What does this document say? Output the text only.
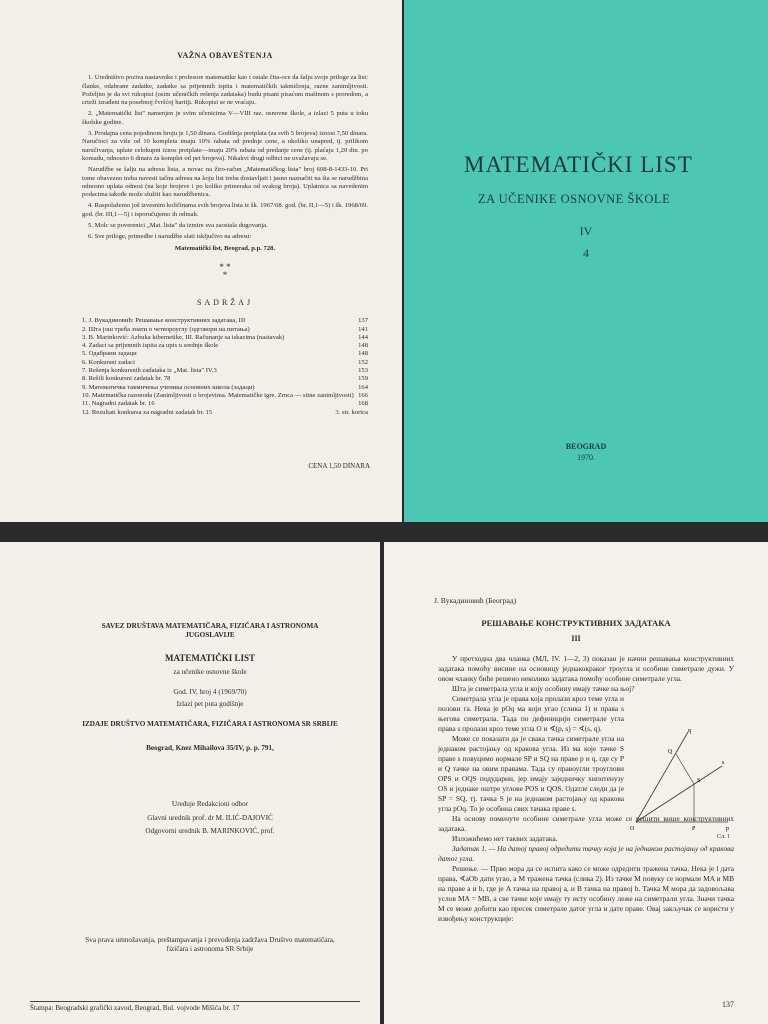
VAŽNA OBAVEŠTENJA

1. Uredništvo poziva nastavnike i profesore matematike kao i ostale čita-oce da šalju svoje priloge za list: članke, odabrane zadatke, zadatke sa prijemnih ispita i matematičkih takmičenja, razne zanimljivosti. Poželjno je da svi rukopisi (osim učeničkih rešenja zadataka) budu pisani pisaćom mašinom s proredom, a crteži izrađeni na posebnoj čvršćoj hartiji. Rukopisi se ne vraćaju.

2. „Matematički list" namenjen je svim učenicima V—VIII raz. osnovne škole, a izlazi 5 puta u toku školske godine.

3. Prodajna cena pojedinom broju je 1,50 dinara. Godišnja pretplata (za svih 5 brojeva) iznosi 7,50 dinara. Naručioci za više od 10 kompleta imaju 10% rabata od prednje cene, a ukoliko unapred, tj. prilikom naručivanja, uplate celokupni iznos pretplate—imaju 20% rabata od predanje cene (tj. plaćaju 1,20 din. po komadu, odnosno 6 dinara za komplet od pet brojeva). Nikakvi drugi odbici ne uvažavaju se.

Narudžbe se šalju na adresu lista, a novac na žiro-račun „Matematičkog lista" broj 608-8-1433-10. Pri tome obavezno treba navesti tačnu adresu na koju list treba dostavljati i jasno naznačiti na šta se narudžbina odnosno uplata odnosi (na koje brojeve i po koliko primeraka od svakog broja). Uplatnica sa navedenim podacima takođe može služiti kao narudžbenica.

4. Raspolažemo još izvesnim količinama svih brojeva lista iz šk. 1967/68. god. (br. II,1—5) i šk. 1968/69. god. (br. III,1—5) i isporučujemo ih odmah.

5. Molc se poverenici „Mat. lista" da izmire sva zaostala dugovanja.

6. Sve priloge, primedbe i narudžbe slati isključivo na adresu:

Matematički list, Beograd, p.p. 728.
* *
*
SADRŽAJ
1. J. Вукадиновић: Решавање конструктивних задатака, III	137
2. Шта још треба знати о четвороуглу (одговори на питања)	141
3. B. Marinković: Azbuka kibernetike, III. Računanje sa iskazima (nastavak)	144
4. Zadaci sa prijemnih ispita za upis u srednje škole	148
5. Одабрани задаци	148
6. Konkursni zadaci	152
7. Rešenja konkursnih zadataka iz „Mat. lista" IV.3	153
8. Rešili konkursni zadatak br. 78	159
9. Математичка такмичења ученика основних школа (задаци)	164
10. Matematička razonoda (Zanimljivosti o brojevima. Matematičke igre. Zrnca — sitne zanimljivosti) 166
11. Nagradni zadatak br. 16	168
12. Rezultati konkursa za nagradni zadatak br. 15	3. str. korica
CENA 1,50 DINARA
MATEMATIČKI LIST
ZA UČENIKE OSNOVNE ŠKOLE
IV
4
BEOGRAD
1970.
SAVEZ DRUŠTAVA MATEMATIČARA, FIZIČARA I ASTRONOMA JUGOSLAVIJE
MATEMATIČKI LIST
za učenike osnovne škole
God. IV, broj 4 (1969/70)
Izlazi pet puta godišnje
IZDAJE DRUŠTVO MATEMATIČARA, FIZIČARA I ASTRONOMA SR SRBIJE
Beograd, Knez Mihailova 35/IV, p. p. 791,
Uređuje Redakcioni odbor
Glavni urednik prof. dr M. ILIĆ-DAJOVIĆ
Odgovorni urednik B. MARINKOVIĆ, prof.
Sva prava umnožavanja, preštampavanja i prevođenja zadržava Društvo matematičara, fizičara i astronoma SR Srbije
Štampa: Beogradski grafički zavod, Beograd, Bul. vojvode Mišića br. 17
J. Вукадиновић (Београд)
РЕШАВАЊЕ КОНСТРУКТИВНИХ ЗАДАТАКА
III

У претходна два чланка (МЛ, IV. 1—2, 3) показан је начин решавања конструктивних задатака помоћу висине на основицу једнакокраког троугла и особине симетрале дужи. У овом чланку биће решено неколико задатака помоћу особине симетрале угла.

Шта је симетрала угла и коју особину имају тачке на њој?

Симетрала угла је права која пролази кроз теме угла и полови га. Нека је pOq ма који угао (слика 1) и права s његова симетрала. Тада по дефиницији симетрале угла права s пролази кроз теме угла O и ∢(p, s) = ∢(s, q).

Може се показати да је свака тачка симетрале угла на једнаком растојању од кракова угла. Из ма које тачке S праве s повуцимо нормале SP и SQ на праве p и q, где су P и Q тачке на овим правама. Тада су правоугли троуглови OPS и OQS подударни, јер имају заједничку хипотенузу OS и једнаке оштре углове POS и QOS. Одатле следи да је SP = SQ, тј. тачка S је на једнаком растојању од кракова угла pOq. То је особина свих тачака праве s.

На основу поменуте особине симетрале угла може се решити више конструктивних задатака.

Изложићемо нет таквих задатака.

Задатак 1. — На датој правој одредити тачку која је на једнаком растојању од кракова датог угла.

Решење. — Прво мора да се испита како се може одредити тражена тачка. Нека је l дата права, ∢aOb дати угао, а M тражена тачка (слика 2). Из тачке M повуку се нормале MA и MB на праве a и b, где је A тачка на правој a, и B тачка на правој b. Тачка M мора да задовољава услов MA = MB, а све тачке које имају ту исту особину леже на симетрали угла. Значи тачка M се може добити као пресек симетрале датог угла и дате праве. Овај закључак се користи у извођењу конструкције:

q
Q
s
S
O	P	p
Сл. 1
137
